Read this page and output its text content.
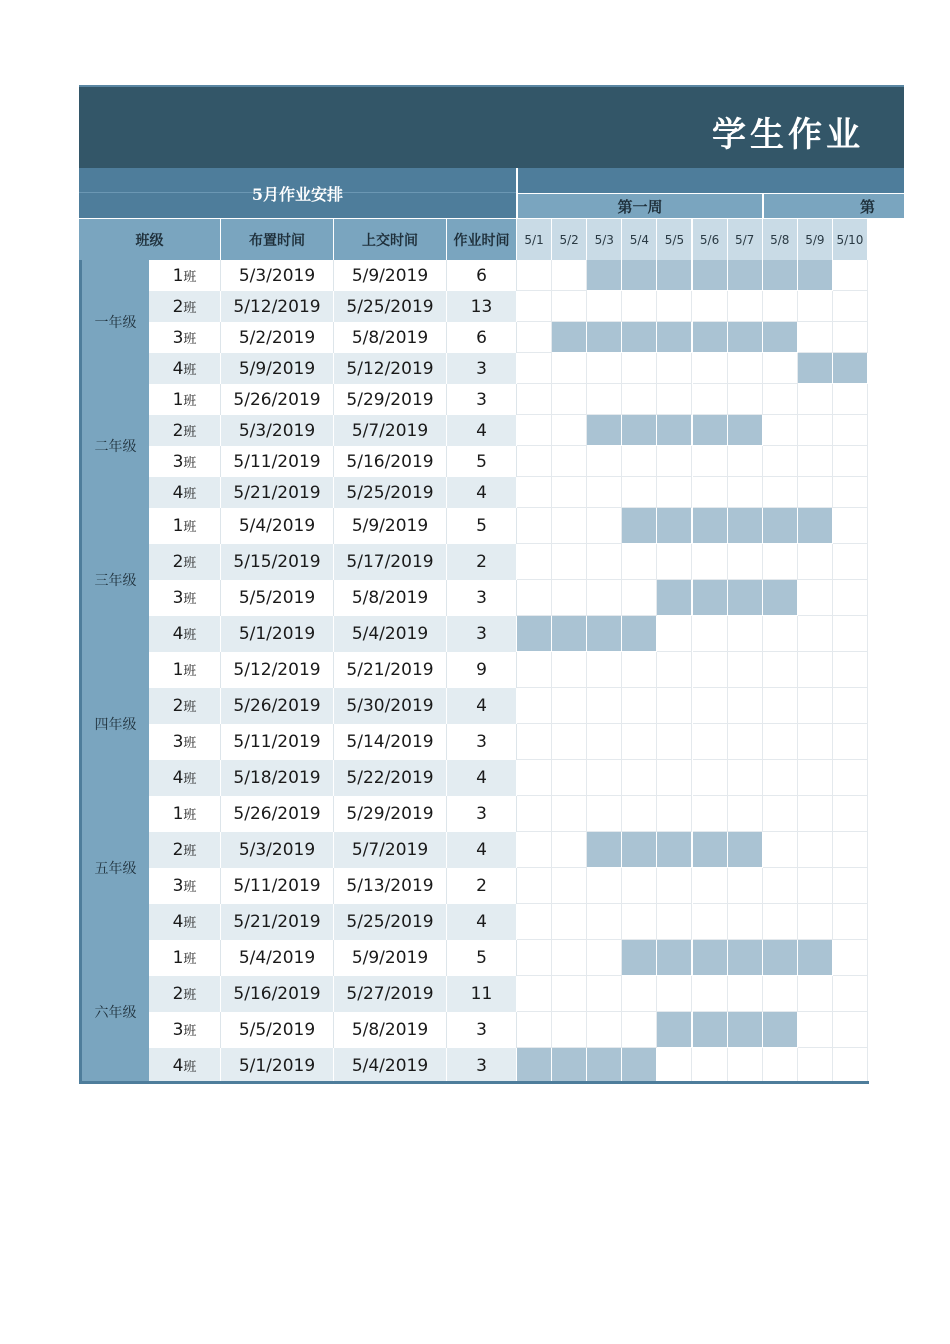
学生作业
5月作业安排
第一周	第
班级	布置时间	上交时间	作业时间	5/1	5/2	5/3	5/4	5/5	5/6	5/7	5/8	5/9 5/10
一年级
1班	5/3/2019	5/9/2019	6
2班	5/12/2019	5/25/2019	13
3班	5/2/2019	5/8/2019	6
4班	5/9/2019	5/12/2019	3
二年级
1班	5/26/2019	5/29/2019	3
2班	5/3/2019	5/7/2019	4
3班	5/11/2019	5/16/2019	5
4班	5/21/2019	5/25/2019	4
三年级
1班	5/4/2019	5/9/2019	5
2班	5/15/2019	5/17/2019	2
3班	5/5/2019	5/8/2019	3
4班	5/1/2019	5/4/2019	3
四年级
1班	5/12/2019	5/21/2019	9
2班	5/26/2019	5/30/2019	4
3班	5/11/2019	5/14/2019	3
4班	5/18/2019	5/22/2019	4
五年级
1班	5/26/2019	5/29/2019	3
2班	5/3/2019	5/7/2019	4
3班	5/11/2019	5/13/2019	2
4班	5/21/2019	5/25/2019	4
六年级
1班	5/4/2019	5/9/2019	5
2班	5/16/2019	5/27/2019	11
3班	5/5/2019	5/8/2019	3
4班	5/1/2019	5/4/2019	3
